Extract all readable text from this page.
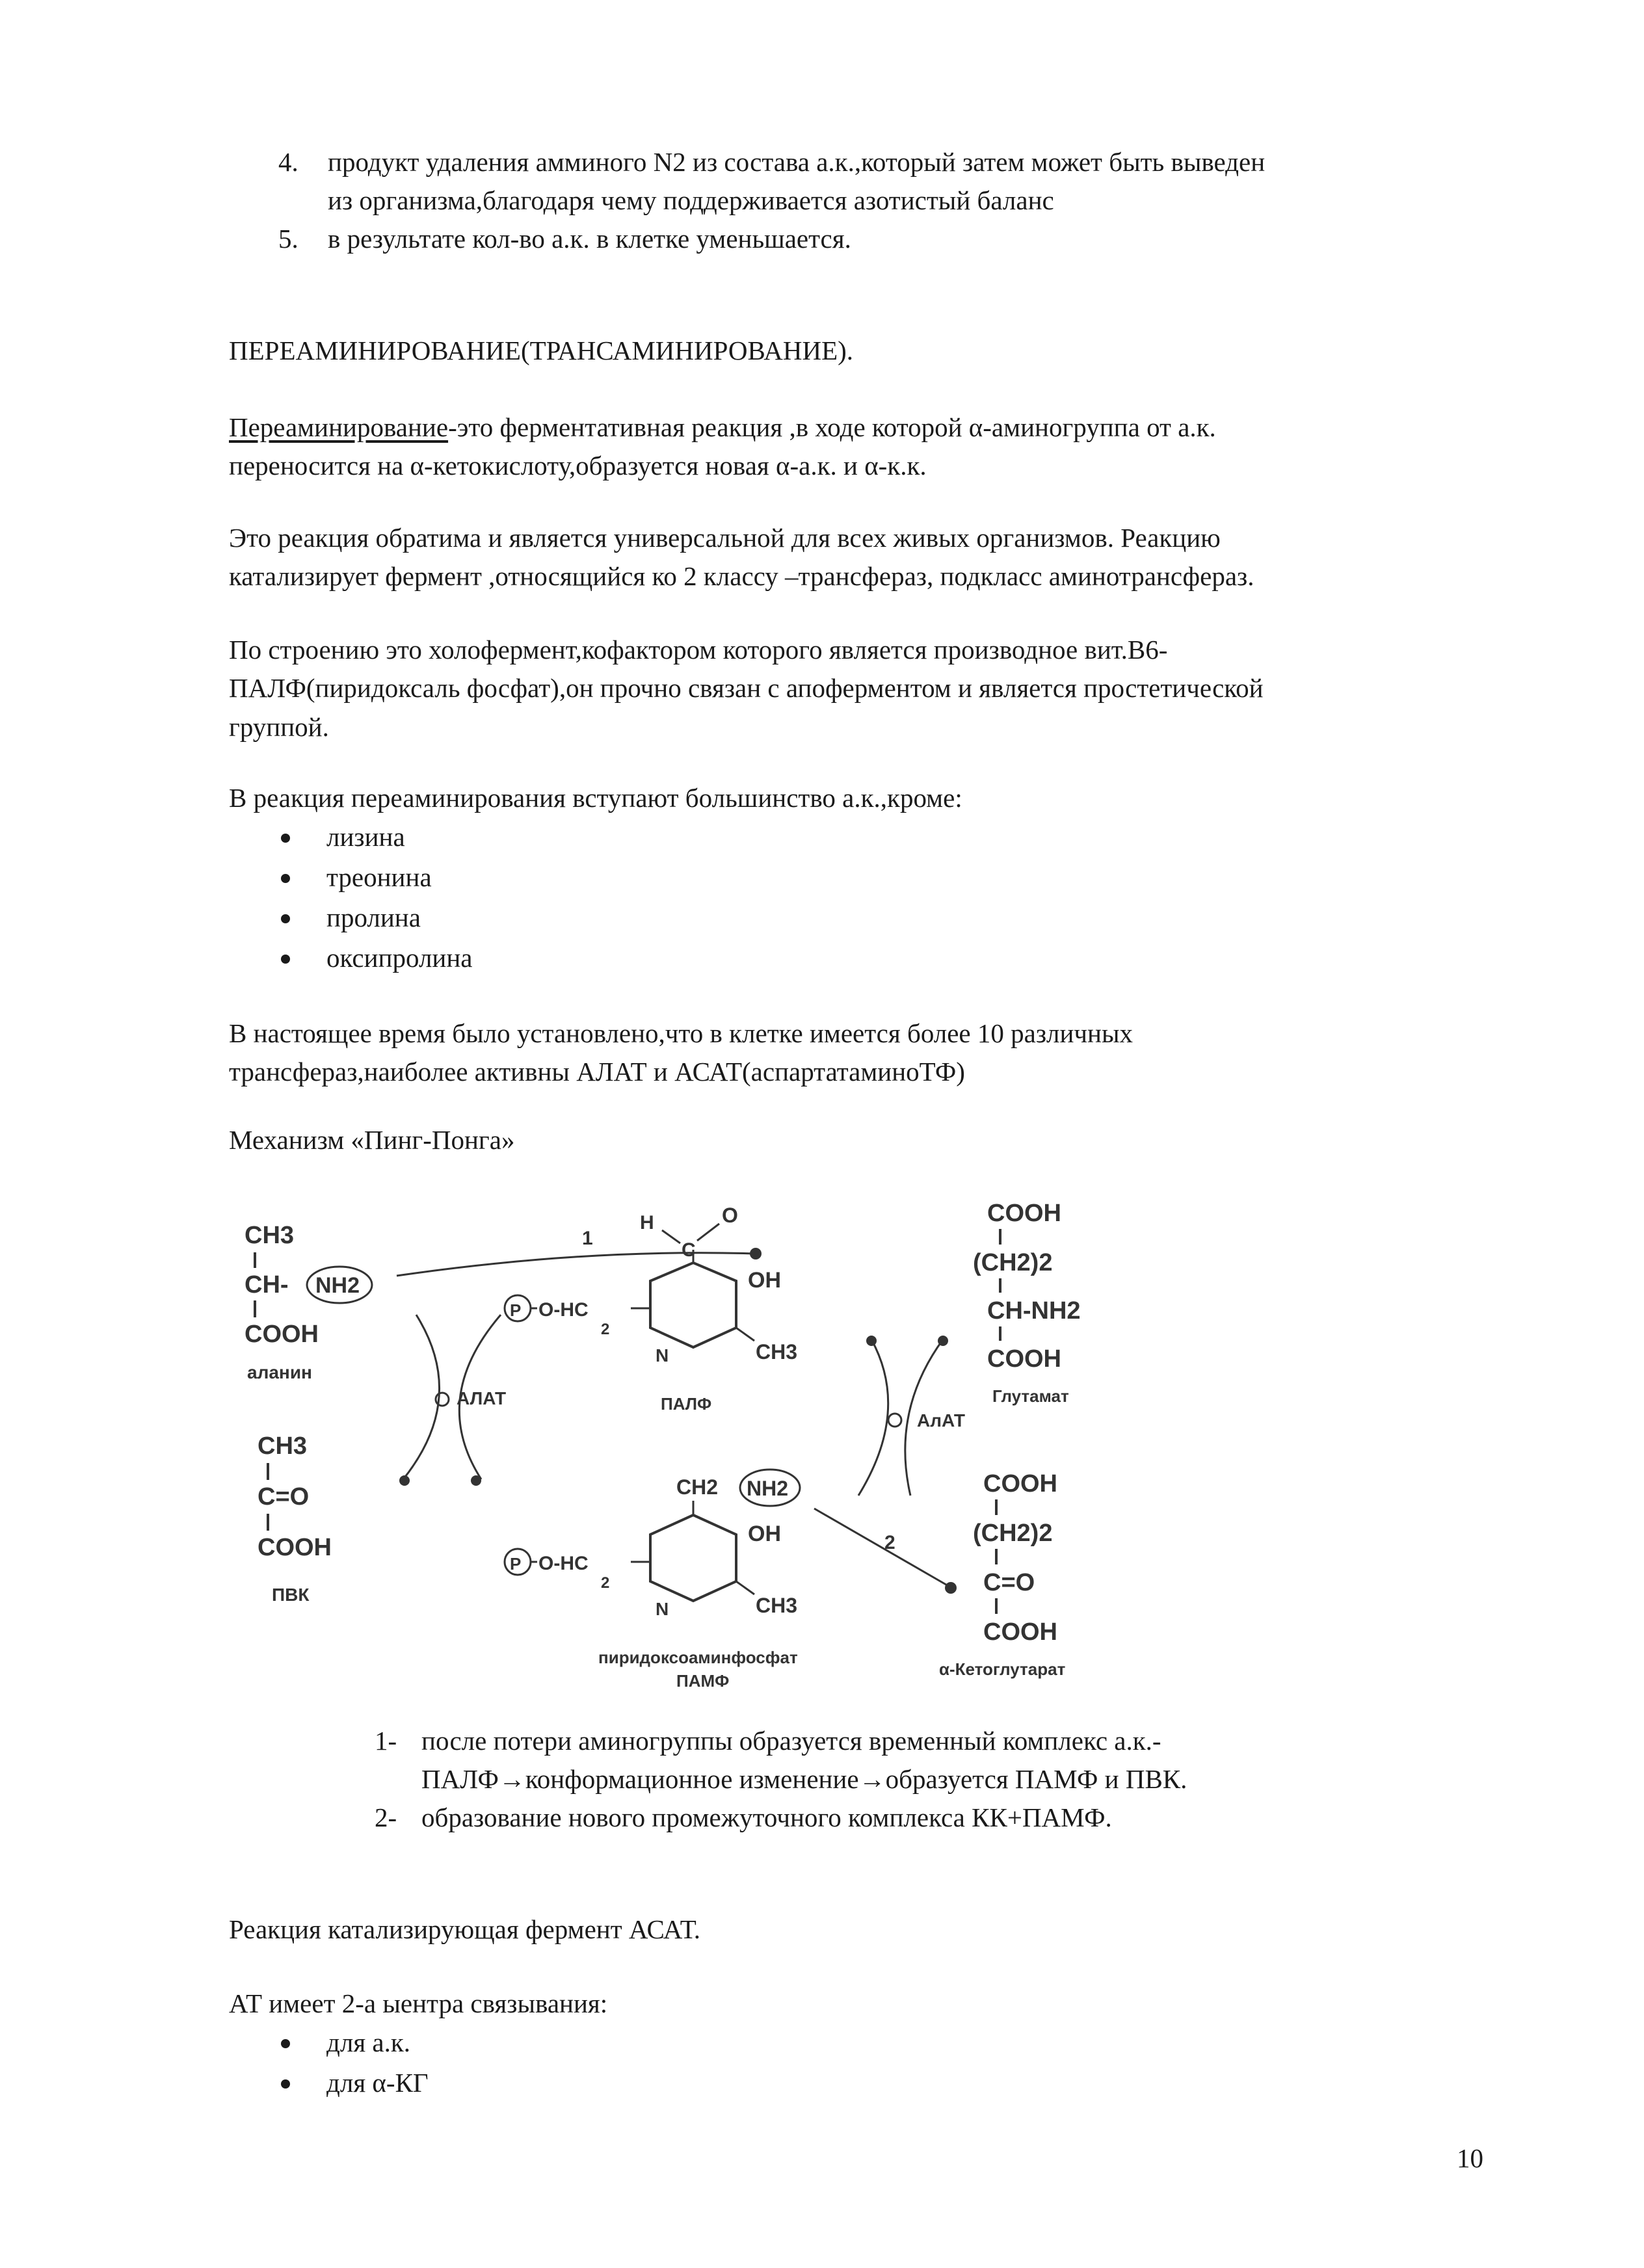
4. продукт удаления амминого N2 из состава а.к.,который затем может быть выведен
из организма,благодаря чему поддерживается азотистый баланс
5. в результате кол-во а.к. в клетке уменьшается.
ПЕРЕАМИНИРОВАНИЕ(ТРАНСАМИНИРОВАНИЕ).
Переаминирование-это ферментативная реакция ,в ходе которой α-аминогруппа от а.к.
переносится на α-кетокислоту,образуется новая α-а.к. и α-к.к.
Это реакция обратима и является универсальной для всех живых организмов. Реакцию
катализирует фермент ,относящийся ко 2 классу –трансфераз, подкласс аминотрансфераз.
По строению это холофермент,кофактором которого является производное вит.В6-
ПАЛФ(пиридоксаль фосфат),он прочно связан с апоферментом и является простетической
группой.
В реакция переаминирования вступают большинство а.к.,кроме:
лизина
треонина
пролина
оксипролина
В настоящее время было установлено,что в клетке имеется более 10 различных
трансфераз,наиболее активны АЛАТ и АСАТ(аспартатаминоТФ)
Механизм «Пинг-Понга»
CH3
CH- NH2
COOH
аланин
CH3
C=O
COOH
ПВК
АЛАТ
1
P O-HC
2
H	O
C
OH
N	CH3
ПАЛФ
P O-HC
2
CH2 NH2
OH
N	CH3
пиридоксоаминфосфат
ПАМФ
АлАТ
2
COOH
(CH2)2
CH-NH2
COOH
Глутамат
COOH
(CH2)2
C=O
COOH
α-Кетоглутарат
1- после потери аминогруппы образуется временный комплекс а.к.-
ПАЛФ→конформационное изменение→образуется ПАМФ и ПВК.
2- образование нового промежуточного комплекса КК+ПАМФ.
Реакция катализирующая фермент АСАТ.
АТ имеет 2-а ыентра связывания:
для а.к.
для α-КГ
10
